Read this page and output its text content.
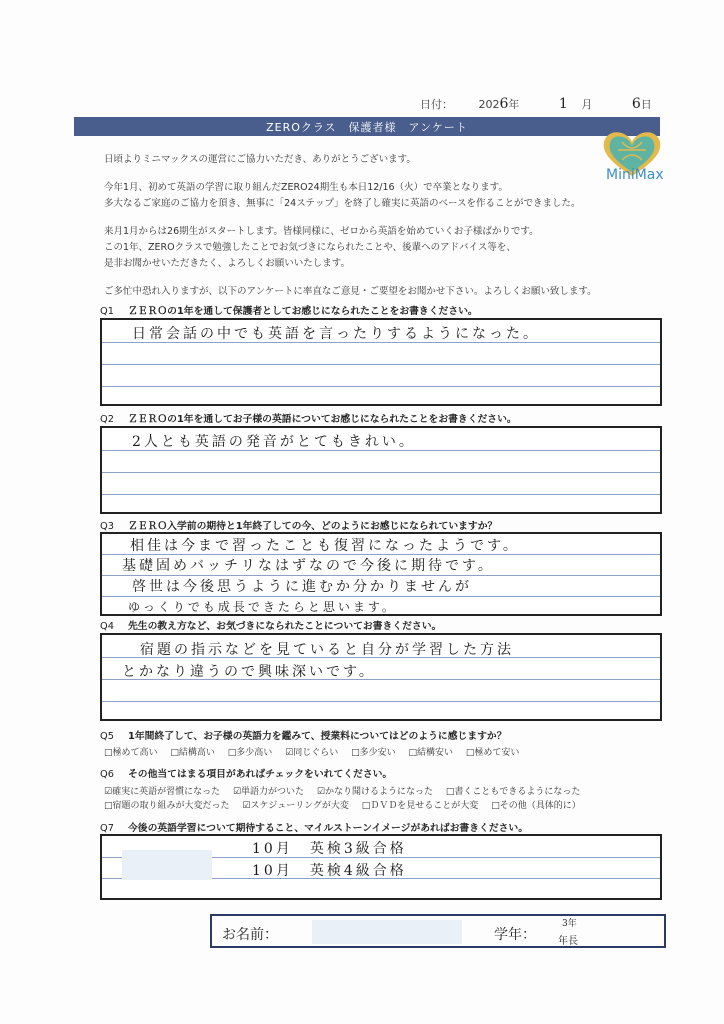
日付： 2026年	1 月	6日
ZEROクラス　保護者様　アンケート
MiniMax

日頃よりミニマックスの運営にご協力いただき、ありがとうございます。

今年1月、初めて英語の学習に取り組んだZERO24期生も本日12/16（火）で卒業となります。

多大なるご家庭のご協力を頂き、無事に「24ステップ」を終了し確実に英語のベースを作ることができました。

来月1月からは26期生がスタートします。皆様同様に、ゼロから英語を始めていくお子様ばかりです。

この1年、ZEROクラスで勉強したことでお気づきになられたことや、後輩へのアドバイス等を、

是非お聞かせいただきたく、よろしくお願いいたします。

ご多忙中恐れ入りますが、以下のアンケートに率直なご意見・ご要望をお聞かせ下さい。よろしくお願い致します。

Q1 ＺＥＲＯの1年を通して保護者としてお感じになられたことをお書きください。
日常会話の中でも英語を言ったりするようになった。
Q2 ＺＥＲＯの1年を通してお子様の英語についてお感じになられたことをお書きください。
2人とも英語の発音がとてもきれい。
Q3 ＺＥＲＯ入学前の期待と1年終了しての今、どのようにお感じになられていますか？
相佳は今まで習ったことも復習になったようです。
基礎固めバッチリなはずなので今後に期待です。
啓世は今後思うように進むか分かりませんが
ゆっくりでも成長できたらと思います。
Q4 先生の教え方など、お気づきになられたことについてお書きください。
宿題の指示などを見ていると自分が学習した方法
とかなり違うので興味深いです。
Q5 1年間終了して、お子様の英語力を鑑みて、授業料についてはどのように感じますか？
□極めて高い □結構高い □多少高い ☑同じぐらい □多少安い □結構安い □極めて安い
Q6 その他当てはまる項目があればチェックをいれてください。
☑確実に英語が習慣になった ☑単語力がついた ☑かなり聞けるようになった □書くこともできるようになった
□宿題の取り組みが大変だった ☑スケジューリングが大変 □ＤＶＤを見せることが大変 □その他（具体的に）
Q7 今後の英語学習について期待すること、マイルストーンイメージがあればお書きください。
10月　英検3級合格
10月　英検4級合格
お名前：	学年：
3年
年長
